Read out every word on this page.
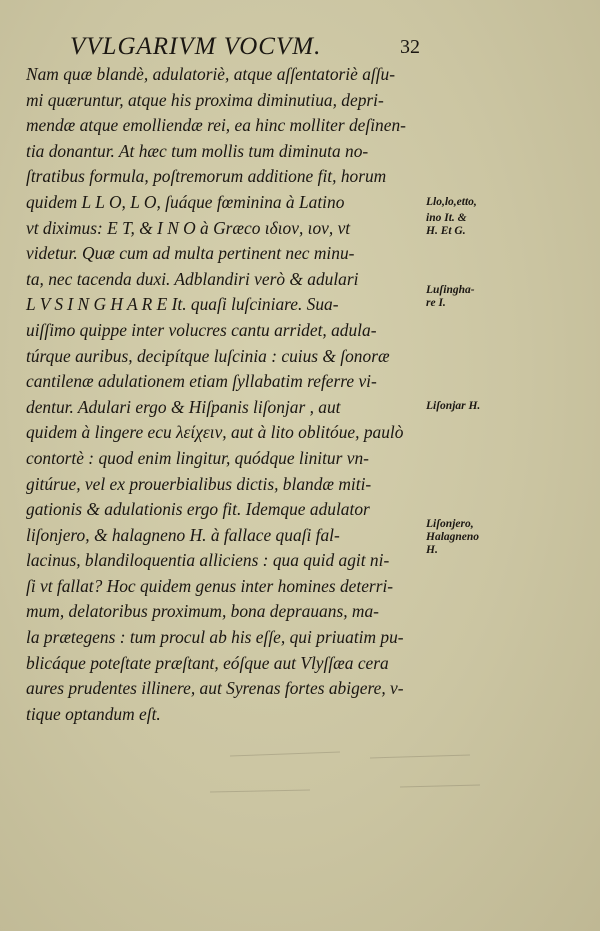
VVLGARIVM VOCVM.	32
Nam quæ blandè, adulatoriè, atque aſſentatoriè aſſu-
mi quæruntur, atque his proxima diminutiua, depri-
mendæ atque emolliendæ rei, ea hinc molliter deſinen-
tia donantur. At hæc tum mollis tum diminuta no-
ſtratibus formula, poſtremorum additione fit, horum
quidem L L O, L O, ſuáque fœminina à Latino
vt diximus: E T, & I N O à Græco ιδιον, ιον, vt
videtur. Quæ cum ad multa pertinent nec minu-
ta, nec tacenda duxi. Adblandiri verò & adulari
L V S I N G H A R E It. quaſi luſciniare. Sua-
uiſſimo quippe inter volucres cantu arridet, adula-
túrque auribus, decipítque luſcinia : cuius & ſonoræ
cantilenæ adulationem etiam ſyllabatim referre vi-
dentur. Adulari ergo & Hiſpanis liſonjar , aut
quidem à lingere ecu λείχειν, aut à lito oblitóue, paulò
contortè : quod enim lingitur, quódque linitur vn-
gitúrue, vel ex prouerbialibus dictis, blandæ miti-
gationis & adulationis ergo fit. Idemque adulator
liſonjero, & halagneno H. à fallace quaſi fal-
lacinus, blandiloquentia alliciens : qua quid agit ni-
ſi vt fallat? Hoc quidem genus inter homines deterri-
mum, delatoribus proximum, bona deprauans, ma-
la prætegens : tum procul ab his eſſe, qui priuatim pu-
blicáque poteſtate præſtant, eóſque aut Vlyſſæa cera
aures prudentes illinere, aut Syrenas fortes abigere, v-
tique optandum eſt.
Llo,lo,etto,
ino It. &
H. Et G.
Luſingha-
re I.
Liſonjar H.
Liſonjero,
Halagneno
H.
